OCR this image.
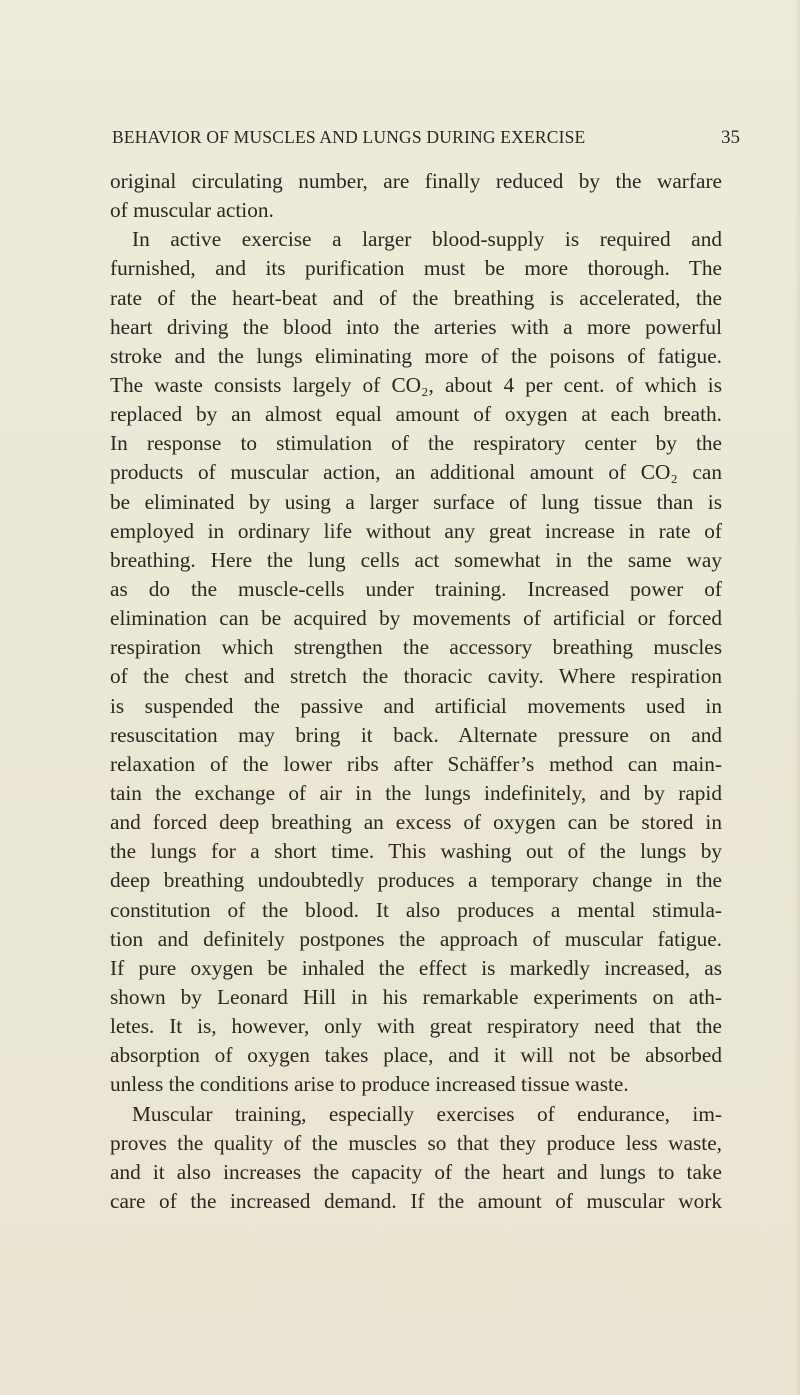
BEHAVIOR OF MUSCLES AND LUNGS DURING EXERCISE	35
original circulating number, are finally reduced by the warfare
of muscular action.
In active exercise a larger blood-supply is required and
furnished, and its purification must be more thorough. The
rate of the heart-beat and of the breathing is accelerated, the
heart driving the blood into the arteries with a more powerful
stroke and the lungs eliminating more of the poisons of fatigue.
The waste consists largely of CO₂, about 4 per cent. of which is
replaced by an almost equal amount of oxygen at each breath.
In response to stimulation of the respiratory center by the
products of muscular action, an additional amount of CO₂ can
be eliminated by using a larger surface of lung tissue than is
employed in ordinary life without any great increase in rate of
breathing. Here the lung cells act somewhat in the same way
as do the muscle-cells under training. Increased power of
elimination can be acquired by movements of artificial or forced
respiration which strengthen the accessory breathing muscles
of the chest and stretch the thoracic cavity. Where respiration
is suspended the passive and artificial movements used in
resuscitation may bring it back. Alternate pressure on and
relaxation of the lower ribs after Schäffer’s method can main-
tain the exchange of air in the lungs indefinitely, and by rapid
and forced deep breathing an excess of oxygen can be stored in
the lungs for a short time. This washing out of the lungs by
deep breathing undoubtedly produces a temporary change in the
constitution of the blood. It also produces a mental stimula-
tion and definitely postpones the approach of muscular fatigue.
If pure oxygen be inhaled the effect is markedly increased, as
shown by Leonard Hill in his remarkable experiments on ath-
letes. It is, however, only with great respiratory need that the
absorption of oxygen takes place, and it will not be absorbed
unless the conditions arise to produce increased tissue waste.
Muscular training, especially exercises of endurance, im-
proves the quality of the muscles so that they produce less waste,
and it also increases the capacity of the heart and lungs to take
care of the increased demand. If the amount of muscular work
